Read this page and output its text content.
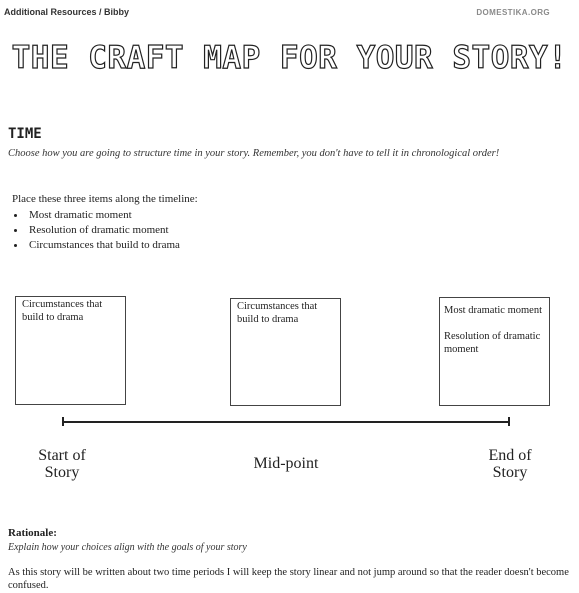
Additional Resources / Bibby	DOMESTIKA.ORG
THE CRAFT MAP FOR YOUR STORY!
TIME
Choose how you are going to structure time in your story. Remember, you don't have to tell it in chronological order!
Place these three items along the timeline:
Most dramatic moment
Resolution of dramatic moment
Circumstances that build to drama

Circumstances that build to drama

Circumstances that build to drama

Most dramatic moment

Resolution of dramatic moment

Start of Story
Mid-point	End of Story
Rationale:
Explain how your choices align with the goals of your story
As this story will be written about two time periods I will keep the story linear and not jump around so that the reader doesn't become confused.
